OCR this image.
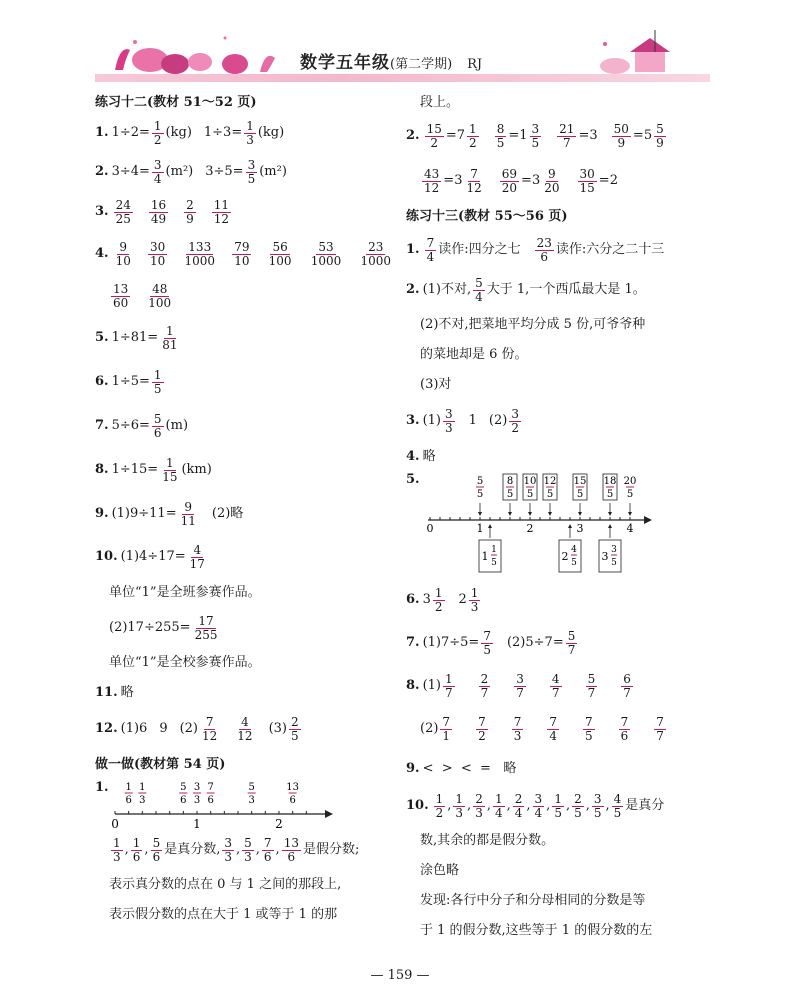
数学五年级(第二学期) RJ
练习十二(教材 51～52 页)
1. $1\div 2= \frac{1}{2} (kg)$ $1\div 3= \frac{1}{3} (kg)$
2. $3\div 4= \frac{3}{4} (m^2)$ $3\div 5= \frac{3}{5} (m^2)$
3. $\frac{24}{25} \frac{16}{49} \frac{2}{9} \frac{11}{12}$
4. $\frac{9}{10} \frac{30}{10} \frac{133}{1000} \frac{79}{10} \frac{56}{100} \frac{53}{1000} \frac{23}{1000}$
$\frac{13}{60} \frac{48}{100}$
5. $1\div 81= \frac{1}{81}$
6. $1\div 5= \frac{1}{5}$
7. $5\div 6= \frac{5}{6} (m)$
8. $1\div 15= \frac{1}{15} (km)$
9. $(1)9\div 11= \frac{9}{11} (2)$略
10. $(1)4\div 17= \frac{4}{17}$
单位“1”是全班参赛作品。
$(2)17\div 255= \frac{17}{255}$
单位“1”是全校参赛作品。
11. 略
12. (1)6 9 $(2) \frac{7}{12} \frac{4}{12} (3) \frac{2}{5}$
做一做(教材第 54 页)
1. 1
6
1
3
5
6
3
3
7
6
5
3
13
6
0	1	2
$\frac{1}{3}$ , $\frac{1}{6}$ , $\frac{5}{6}$ 是真分数, $\frac{3}{3}$ , $\frac{5}{3}$ , $\frac{7}{6}$ , $\frac{13}{6}$ 是假分数;
表示真分数的点在 0 与 1 之间的那段上,
表示假分数的点在大于 1 或等于 1 的那
段上。
2. $\frac{15}{2} = 7 \frac{1}{2} \frac{8}{5} = 1 \frac{3}{5} \frac{21}{7} = 3 \frac{50}{9} = 5 \frac{5}{9}$
$\frac{43}{12} = 3 \frac{7}{12} \frac{69}{20} = 3 \frac{9}{20} \frac{30}{15} = 2$
练习十三(教材 55～56 页)
1. $\frac{7}{4}$ 读作:四分之七 $\frac{23}{6}$ 读作:六分之二十三
2. (1)不对, $\frac{5}{4}$ 大于 1,一个西瓜最大是 1。
(2)不对,把菜地平均分成 5 份,可爷爷种
的菜地却是 6 份。
(3)对
3. $(1) \frac{3}{3} 1$ $(2) \frac{3}{2}$
4. 略
5.	5
5
8
5
10
5
12
5
15
5
18
5
20
5
1 1
5	2 4
5 3 3
5
0	1	2	3	4
6. $3 \frac{1}{2} 2 \frac{1}{3}$
7. $(1)7\div 5= \frac{7}{5} (2)5\div 7= \frac{5}{7}$
8. $(1) \frac{1}{7} \frac{2}{7} \frac{3}{7} \frac{4}{7} \frac{5}{7} \frac{6}{7}$
$(2) \frac{7}{1} \frac{7}{2} \frac{7}{3} \frac{7}{4} \frac{7}{5} \frac{7}{6} \frac{7}{7}$
9. <  >  <  =   略
10. $\frac{1}{2}$ , $\frac{1}{3}$ , $\frac{2}{3}$ , $\frac{1}{4}$ , $\frac{2}{4}$ , $\frac{3}{4}$ , $\frac{1}{5}$ , $\frac{2}{5}$ , $\frac{3}{5}$ , $\frac{4}{5}$ 是真分
数,其余的都是假分数。
涂色略
发现:各行中分子和分母相同的分数是等
于 1 的假分数,这些等于 1 的假分数的左
— 159 —
